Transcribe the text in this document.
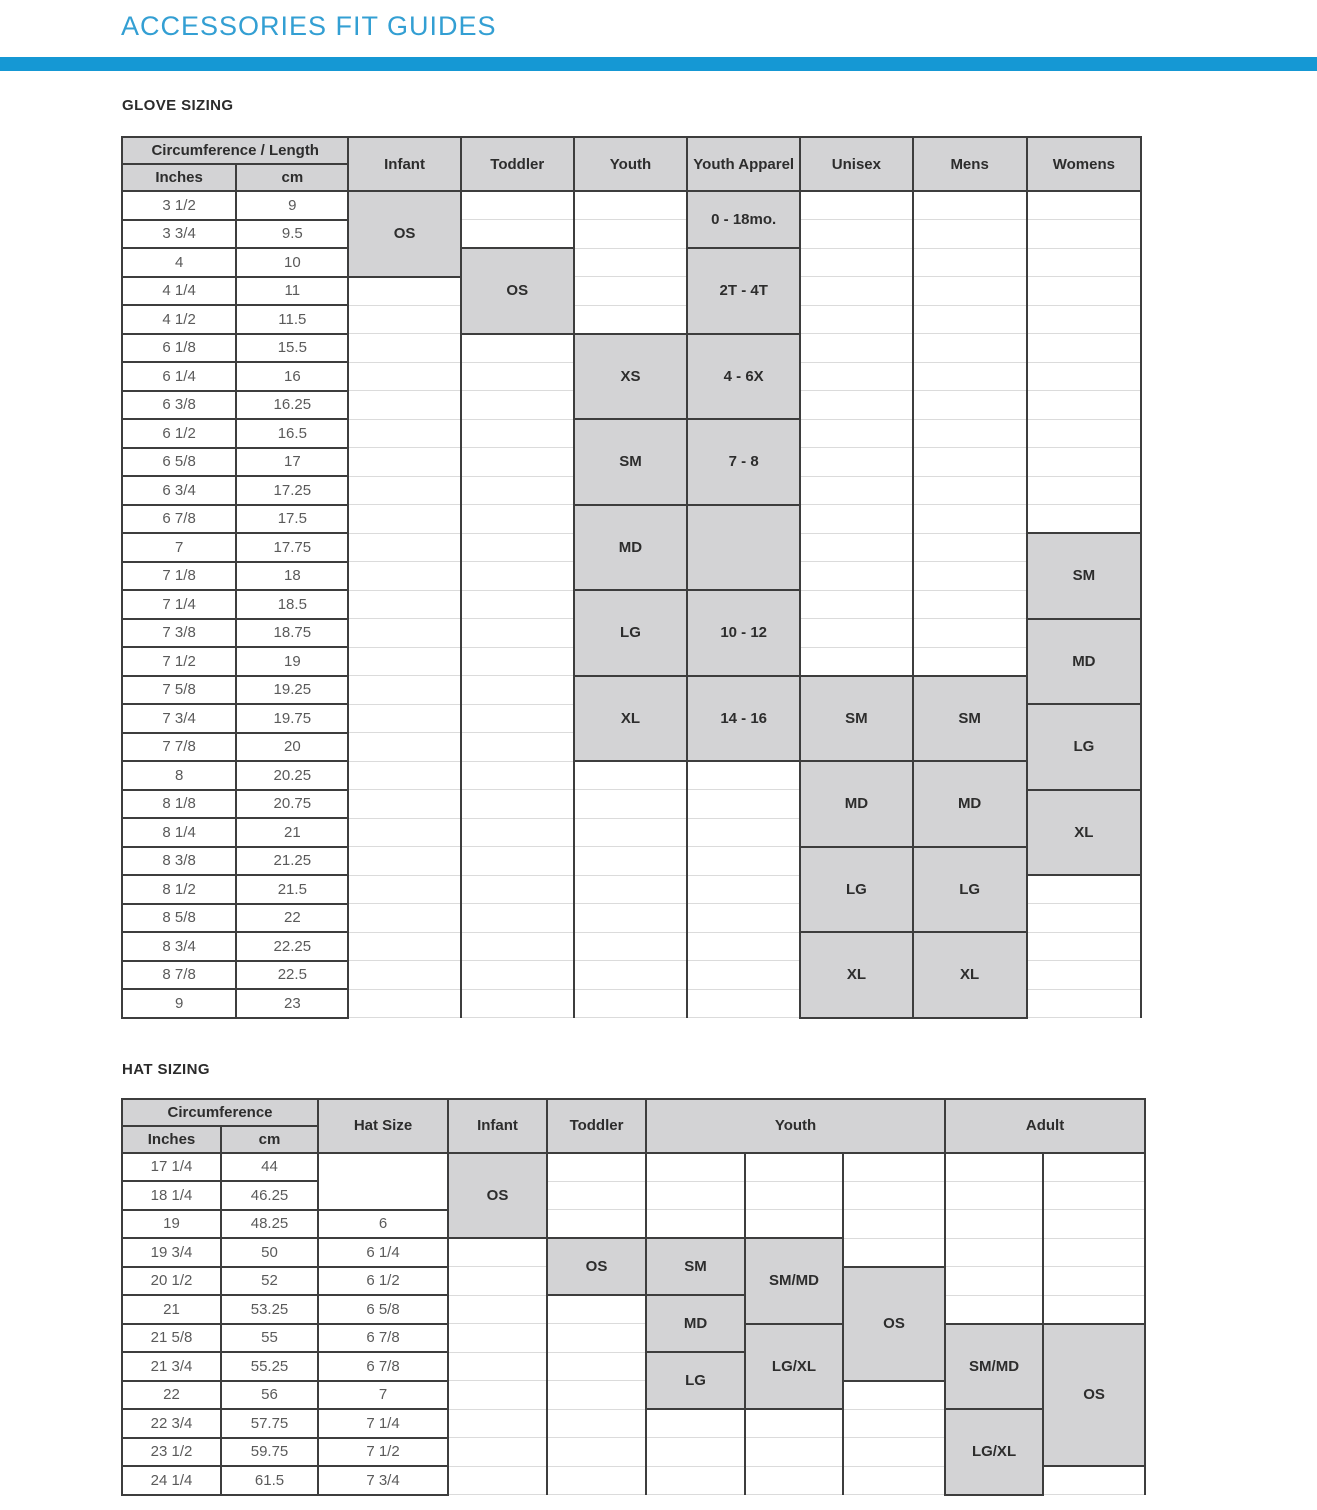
ACCESSORIES FIT GUIDES
GLOVE SIZING
Circumference / Length		Infant	Toddler	Youth	Youth Apparel	Unisex	Mens	Womens
Inches	cm							
3 1/2	9	OS			0 - 18mo.			
3 3/4	9.5							
4	10		OS		2T - 4T			
4 1/4	11							
4 1/2	11.5							
6 1/8	15.5			XS	4 - 6X			
6 1/4	16							
6 3/8	16.25							
6 1/2	16.5			SM	7 - 8			
6 5/8	17							
6 3/4	17.25							
6 7/8	17.5			MD				
7	17.75							SM
7 1/8	18							
7 1/4	18.5			LG	10 - 12			
7 3/8	18.75							MD
7 1/2	19							
7 5/8	19.25			XL	14 - 16	SM	SM	
7 3/4	19.75							LG
7 7/8	20							
8	20.25					MD	MD	
8 1/8	20.75							XL
8 1/4	21							
8 3/8	21.25					LG	LG	
8 1/2	21.5							
8 5/8	22							
8 3/4	22.25					XL	XL	
8 7/8	22.5							
9	23							
HAT SIZING
Circumference		Hat Size	Infant	Toddler	Youth			Adult	
Inches	cm								
17 1/4	44		OS						
18 1/4	46.25								
19	48.25	6							
19 3/4	50	6 1/4		OS	SM	SM/MD			
20 1/2	52	6 1/2					OS		
21	53.25	6 5/8			MD				
21 5/8	55	6 7/8				LG/XL		SM/MD	OS
21 3/4	55.25	6 7/8			LG				
22	56	7							
22 3/4	57.75	7 1/4						LG/XL	
23 1/2	59.75	7 1/2							
24 1/4	61.5	7 3/4							
